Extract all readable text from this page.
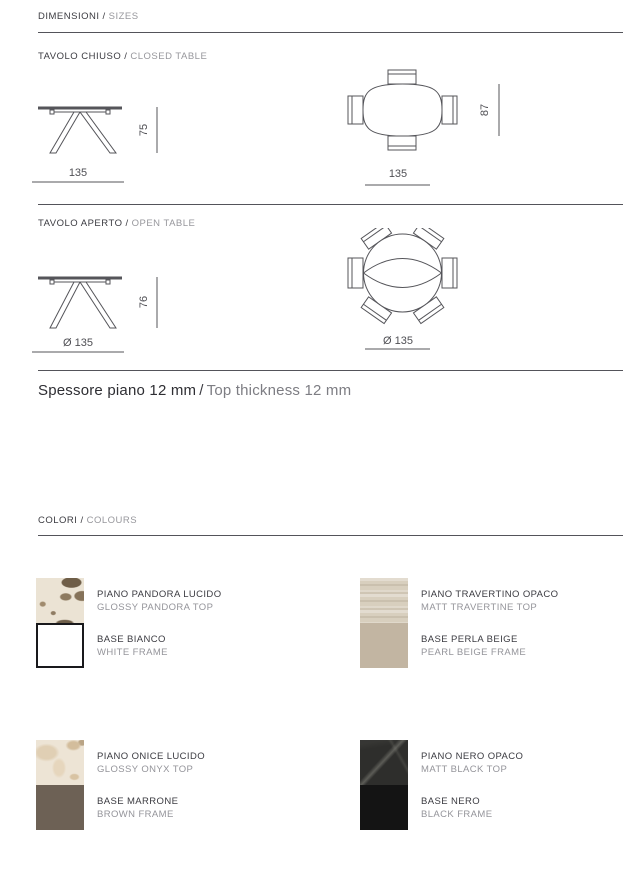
DIMENSIONI / SIZES
TAVOLO CHIUSO / CLOSED TABLE
75
135
87
135
TAVOLO APERTO / OPEN TABLE
76
Ø 135	Ø 135
Spessore piano 12 mm / Top thickness 12 mm
COLORI / COLOURS
PIANO PANDORA LUCIDO
GLOSSY PANDORA TOP
BASE BIANCO
WHITE FRAME
PIANO TRAVERTINO OPACO
MATT TRAVERTINE TOP
BASE PERLA BEIGE
PEARL BEIGE FRAME
PIANO ONICE LUCIDO
GLOSSY ONYX TOP
BASE MARRONE
BROWN FRAME
PIANO NERO OPACO
MATT BLACK TOP
BASE NERO
BLACK FRAME
